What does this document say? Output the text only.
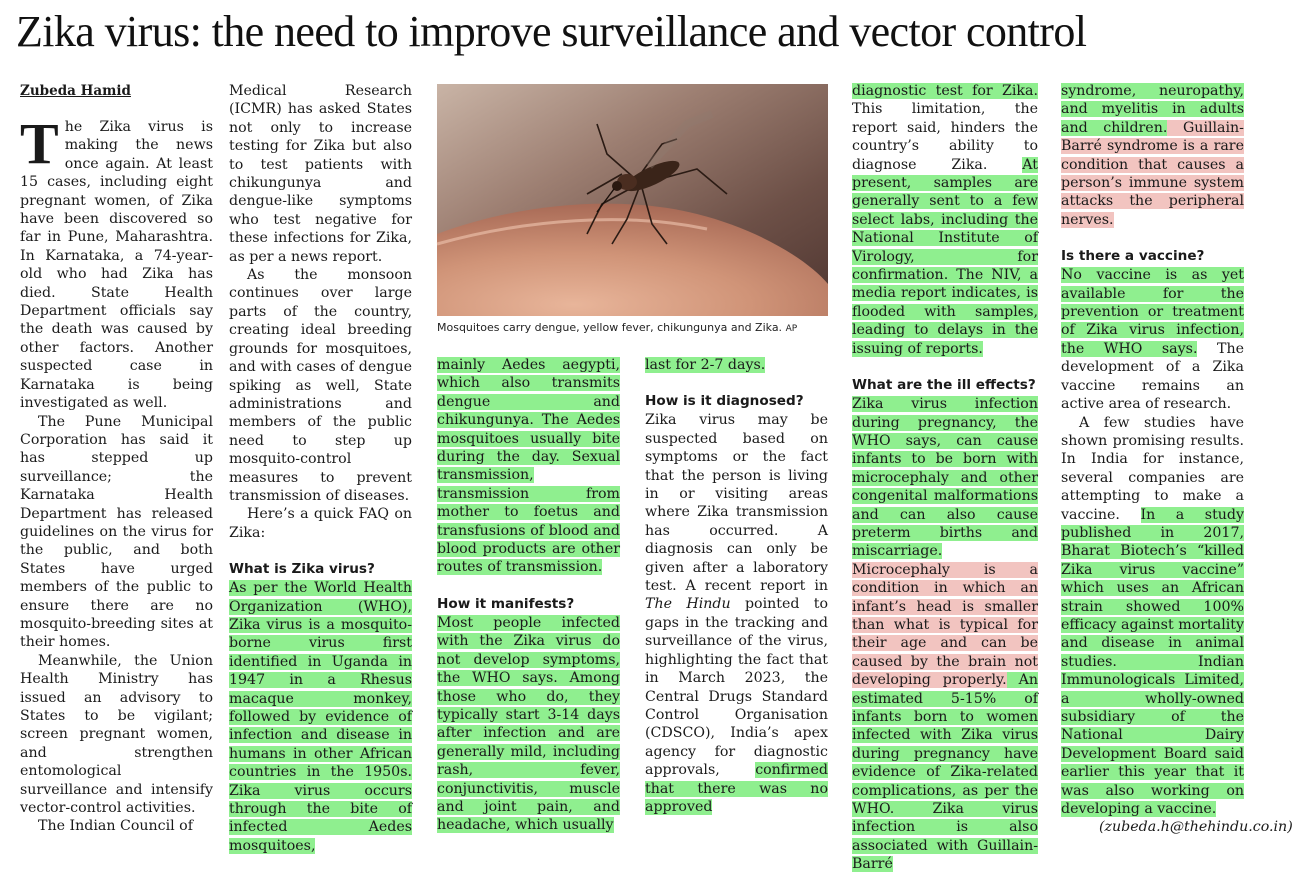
Zika virus: the need to improve surveillance and vector control
Zubeda Hamid

The Zika virus is making the news once again. At least 15 cases, including eight pregnant women, of Zika have been discovered so far in Pune, Maharashtra. In Karnataka, a 74-year-old who had Zika has died. State Health Department officials say the death was caused by other factors. Another suspected case in Karnataka is being investigated as well.

The Pune Municipal Corporation has said it has stepped up surveillance; the Karnataka Health Department has released guidelines on the virus for the public, and both States have urged members of the public to ensure there are no mosquito-breeding sites at their homes.

Meanwhile, the Union Health Ministry has issued an advisory to States to be vigilant; screen pregnant women, and strengthen entomological surveillance and intensify vector-control activities.

The Indian Council of

Medical Research (ICMR) has asked States not only to increase testing for Zika but also to test patients with chikungunya and dengue-like symptoms who test negative for these infections for Zika, as per a news report.

As the monsoon continues over large parts of the country, creating ideal breeding grounds for mosquitoes, and with cases of dengue spiking as well, State administrations and members of the public need to step up mosquito-control measures to prevent transmission of diseases.

Here’s a quick FAQ on Zika:

What is Zika virus?

As per the World Health Organization (WHO), Zika virus is a mosquito-borne virus first identified in Uganda in 1947 in a Rhesus macaque monkey, followed by evidence of infection and disease in humans in other African countries in the 1950s. Zika virus occurs through the bite of infected Aedes mosquitoes,

Mosquitoes carry dengue, yellow fever, chikungunya and Zika. AP

mainly Aedes aegypti, which also transmits dengue and chikungunya. The Aedes mosquitoes usually bite during the day. Sexual transmission, transmission from mother to foetus and transfusions of blood and blood products are other routes of transmission.

How it manifests?

Most people infected with the Zika virus do not develop symptoms, the WHO says. Among those who do, they typically start 3-14 days after infection and are generally mild, including rash, fever, conjunctivitis, muscle and joint pain, and headache, which usually

last for 2-7 days.

How is it diagnosed?

Zika virus may be suspected based on symptoms or the fact that the person is living in or visiting areas where Zika transmission has occurred. A diagnosis can only be given after a laboratory test. A recent report in The Hindu pointed to gaps in the tracking and surveillance of the virus, highlighting the fact that in March 2023, the Central Drugs Standard Control Organisation (CDSCO), India’s apex agency for diagnostic approvals, confirmed that there was no approved

diagnostic test for Zika. This limitation, the report said, hinders the country’s ability to diagnose Zika. At present, samples are generally sent to a few select labs, including the National Institute of Virology, for confirmation. The NIV, a media report indicates, is flooded with samples, leading to delays in the issuing of reports.

What are the ill effects?

Zika virus infection during pregnancy, the WHO says, can cause infants to be born with microcephaly and other congenital malformations and can also cause preterm births and miscarriage. Microcephaly is a condition in which an infant’s head is smaller than what is typical for their age and can be caused by the brain not developing properly. An estimated 5-15% of infants born to women infected with Zika virus during pregnancy have evidence of Zika-related complications, as per the WHO. Zika virus infection is also associated with Guillain-Barré

syndrome, neuropathy, and myelitis in adults and children. Guillain-Barré syndrome is a rare condition that causes a person’s immune system attacks the peripheral nerves.

Is there a vaccine?

No vaccine is as yet available for the prevention or treatment of Zika virus infection, the WHO says. The development of a Zika vaccine remains an active area of research.

A few studies have shown promising results. In India for instance, several companies are attempting to make a vaccine. In a study published in 2017, Bharat Biotech’s “killed Zika virus vaccine” which uses an African strain showed 100% efficacy against mortality and disease in animal studies. Indian Immunologicals Limited, a wholly-owned subsidiary of the National Dairy Development Board said earlier this year that it was also working on developing a vaccine.

(zubeda.h@thehindu.co.in)
